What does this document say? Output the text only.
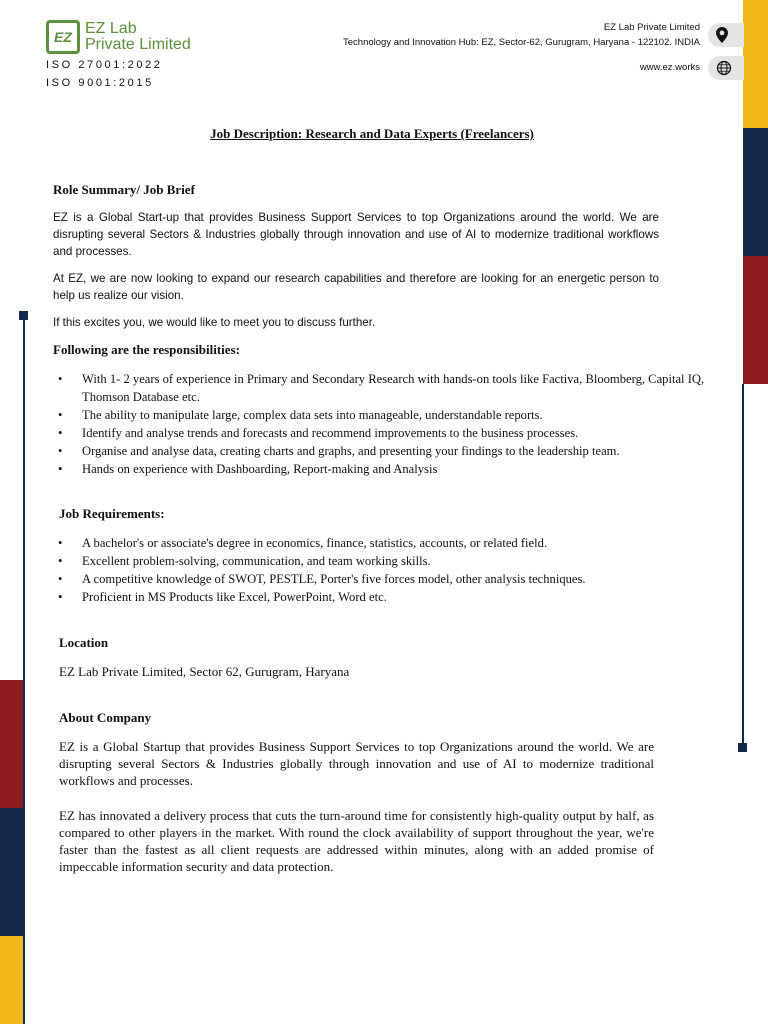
EZ EZ Lab
Private Limited
ISO 27001:2022
ISO 9001:2015
EZ Lab Private Limited
Technology and Innovation Hub: EZ, Sector-62, Gurugram, Haryana - 122102. INDIA
www.ez.works
Job Description: Research and Data Experts (Freelancers)
Role Summary/ Job Brief
EZ is a Global Start-up that provides Business Support Services to top Organizations around the world. We are disrupting several Sectors & Industries globally through innovation and use of AI to modernize traditional workflows and processes.
At EZ, we are now looking to expand our research capabilities and therefore are looking for an energetic person to help us realize our vision.
If this excites you, we would like to meet you to discuss further.
Following are the responsibilities:
• With 1- 2 years of experience in Primary and Secondary Research with hands-on tools like Factiva, Bloomberg, Capital IQ, Thomson Database etc.
• The ability to manipulate large, complex data sets into manageable, understandable reports.
• Identify and analyse trends and forecasts and recommend improvements to the business processes.
• Organise and analyse data, creating charts and graphs, and presenting your findings to the leadership team.
• Hands on experience with Dashboarding, Report-making and Analysis
Job Requirements:
• A bachelor's or associate's degree in economics, finance, statistics, accounts, or related field.
• Excellent problem-solving, communication, and team working skills.
• A competitive knowledge of SWOT, PESTLE, Porter's five forces model, other analysis techniques.
• Proficient in MS Products like Excel, PowerPoint, Word etc.
Location
EZ Lab Private Limited, Sector 62, Gurugram, Haryana
About Company
EZ is a Global Startup that provides Business Support Services to top Organizations around the world. We are disrupting several Sectors & Industries globally through innovation and use of AI to modernize traditional workflows and processes.
EZ has innovated a delivery process that cuts the turn-around time for consistently high-quality output by half, as compared to other players in the market. With round the clock availability of support throughout the year, we're faster than the fastest as all client requests are addressed within minutes, along with an added promise of impeccable information security and data protection.
